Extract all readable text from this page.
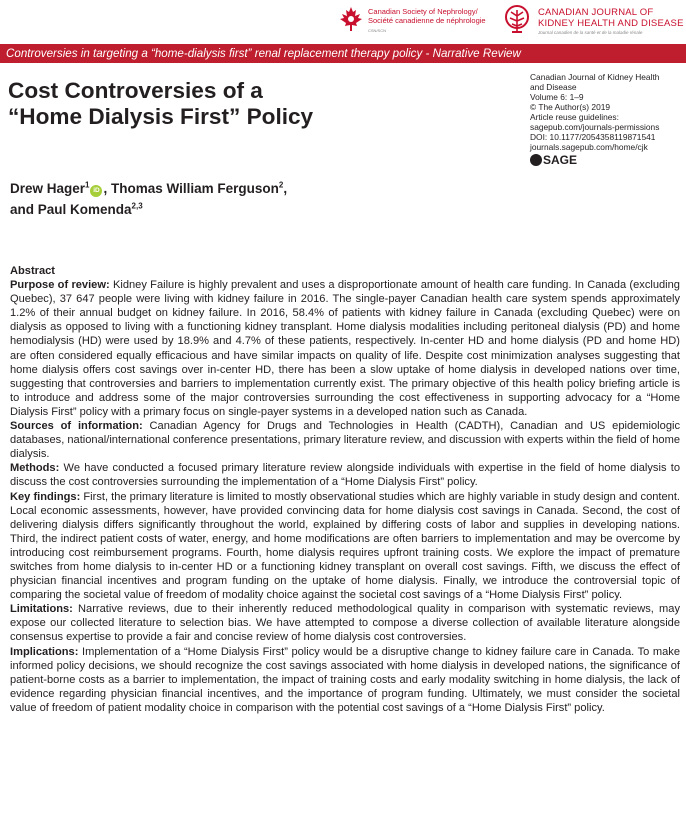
Canadian Society of Nephrology/
Société canadienne de néphrologie
CSN/SCN
CANADIAN JOURNAL OF
KIDNEY HEALTH AND DISEASE
Journal canadien de la santé et de la maladie rénale
Controversies in targeting a “home-dialysis first” renal replacement therapy policy - Narrative Review
Cost Controversies of a
“Home Dialysis First” Policy
Canadian Journal of Kidney Health
and Disease
Volume 6: 1–9
© The Author(s) 2019
Article reuse guidelines:
sagepub.com/journals-permissions
DOI: 10.1177/2054358119871541
journals.sagepub.com/home/cjk
SAGE
Drew Hager$^1$iD , Thomas William Ferguson$^2$,
and Paul Komenda$^{2,3}$
Abstract

Purpose of review: Kidney Failure is highly prevalent and uses a disproportionate amount of health care funding. In Canada (excluding Quebec), 37 647 people were living with kidney failure in 2016. The single-payer Canadian health care system spends approximately 1.2% of their annual budget on kidney failure. In 2016, 58.4% of patients with kidney failure in Canada (excluding Quebec) were on dialysis as opposed to living with a functioning kidney transplant. Home dialysis modalities including peritoneal dialysis (PD) and home hemodialysis (HD) were used by 18.9% and 4.7% of these patients, respectively. In-center HD and home dialysis (PD and home HD) are often considered equally efficacious and have similar impacts on quality of life. Despite cost minimization analyses suggesting that home dialysis offers cost savings over in-center HD, there has been a slow uptake of home dialysis in developed nations over time, suggesting that controversies and barriers to implementation currently exist. The primary objective of this health policy briefing article is to introduce and address some of the major controversies surrounding the cost effectiveness in supporting advocacy for a “Home Dialysis First” policy with a primary focus on single-payer systems in a developed nation such as Canada.

Sources of information: Canadian Agency for Drugs and Technologies in Health (CADTH), Canadian and US epidemiologic databases, national/international conference presentations, primary literature review, and discussion with experts within the field of home dialysis.

Methods: We have conducted a focused primary literature review alongside individuals with expertise in the field of home dialysis to discuss the cost controversies surrounding the implementation of a “Home Dialysis First” policy.

Key findings: First, the primary literature is limited to mostly observational studies which are highly variable in study design and content. Local economic assessments, however, have provided convincing data for home dialysis cost savings in Canada. Second, the cost of delivering dialysis differs significantly throughout the world, explained by differing costs of labor and supplies in developing nations. Third, the indirect patient costs of water, energy, and home modifications are often barriers to implementation and may be overcome by introducing cost reimbursement programs. Fourth, home dialysis requires upfront training costs. We explore the impact of premature switches from home dialysis to in-center HD or a functioning kidney transplant on overall cost savings. Fifth, we discuss the effect of physician financial incentives and program funding on the uptake of home dialysis. Finally, we introduce the controversial topic of comparing the societal value of freedom of modality choice against the societal cost savings of a “Home Dialysis First” policy.

Limitations: Narrative reviews, due to their inherently reduced methodological quality in comparison with systematic reviews, may expose our collected literature to selection bias. We have attempted to compose a diverse collection of available literature alongside consensus expertise to provide a fair and concise review of home dialysis cost controversies.

Implications: Implementation of a “Home Dialysis First” policy would be a disruptive change to kidney failure care in Canada. To make informed policy decisions, we should recognize the cost savings associated with home dialysis in developed nations, the significance of patient-borne costs as a barrier to implementation, the impact of training costs and early modality switching in home dialysis, the lack of evidence regarding physician financial incentives, and the importance of program funding. Ultimately, we must consider the societal value of freedom of patient modality choice in comparison with the potential cost savings of a “Home Dialysis First” policy.
